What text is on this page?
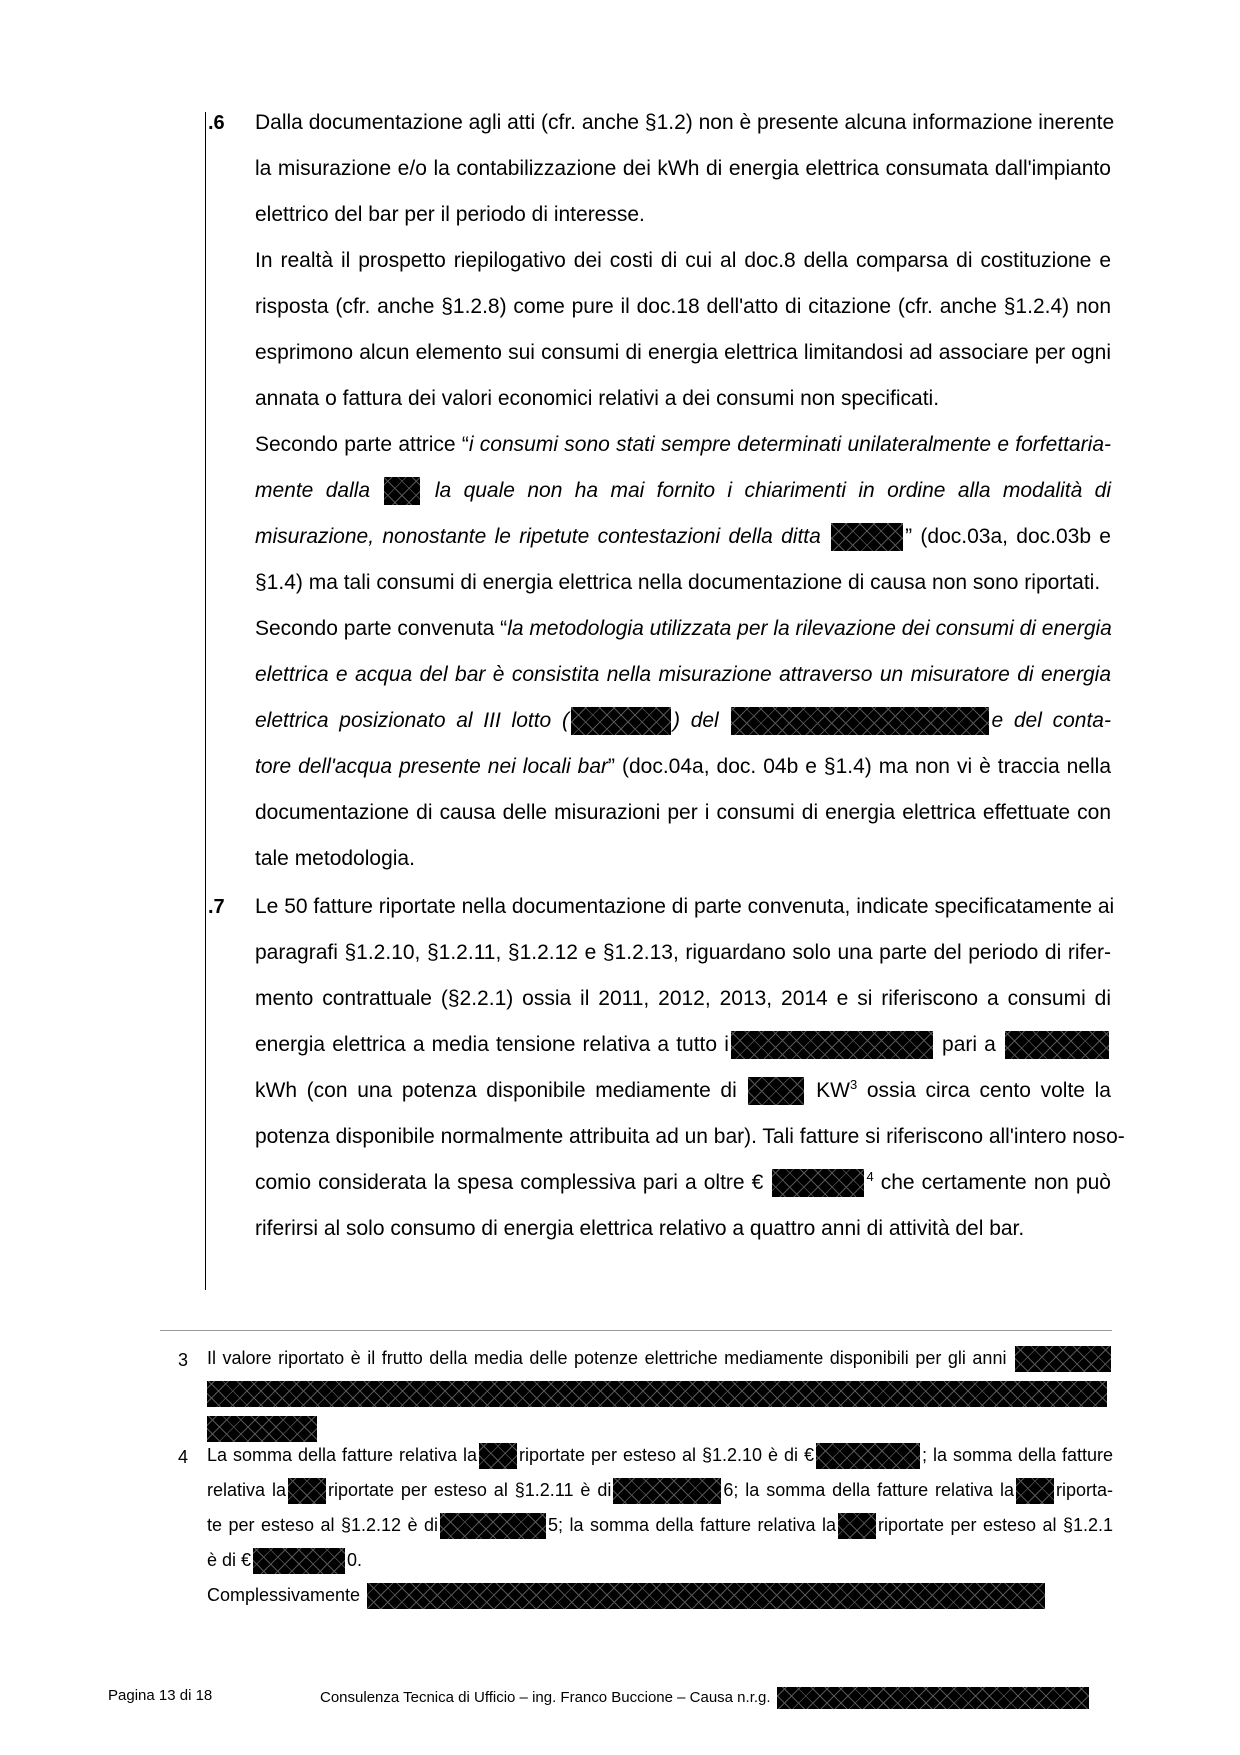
.6 Dalla documentazione agli atti (cfr. anche §1.2) non è presente alcuna informazione inerente
la misurazione e/o la contabilizzazione dei kWh di energia elettrica consumata dall'impianto
elettrico del bar per il periodo di interesse.
In realtà il prospetto riepilogativo dei costi di cui al doc.8 della comparsa di costituzione e
risposta (cfr. anche §1.2.8) come pure il doc.18 dell'atto di citazione (cfr. anche §1.2.4) non
esprimono alcun elemento sui consumi di energia elettrica limitandosi ad associare per ogni
annata o fattura dei valori economici relativi a dei consumi non specificati.
Secondo parte attrice “i consumi sono stati sempre determinati unilateralmente e forfettaria-
mente dalla	la quale non ha mai fornito i chiarimenti in ordine alla modalità di
misurazione, nonostante le ripetute contestazioni della ditta	” (doc.03a, doc.03b e
§1.4) ma tali consumi di energia elettrica nella documentazione di causa non sono riportati.
Secondo parte convenuta “la metodologia utilizzata per la rilevazione dei consumi di energia
elettrica e acqua del bar è consistita nella misurazione attraverso un misuratore di energia
elettrica posizionato al III lotto (	) del	e del conta-
tore dell'acqua presente nei locali bar” (doc.04a, doc. 04b e §1.4) ma non vi è traccia nella
documentazione di causa delle misurazioni per i consumi di energia elettrica effettuate con
tale metodologia.
.7 Le 50 fatture riportate nella documentazione di parte convenuta, indicate specificatamente ai
paragrafi §1.2.10, §1.2.11, §1.2.12 e §1.2.13, riguardano solo una parte del periodo di rifer-
mento contrattuale (§2.2.1) ossia il 2011, 2012, 2013, 2014 e si riferiscono a consumi di
energia elettrica a media tensione relativa a tutto i	pari a
kWh (con una potenza disponibile mediamente di	$KW^3$ ossia circa cento volte la
potenza disponibile normalmente attribuita ad un bar). Tali fatture si riferiscono all'intero noso-
comio considerata la spesa complessiva pari a oltre €	$^4$ che certamente non può
riferirsi al solo consumo di energia elettrica relativo a quattro anni di attività del bar.
3 Il valore riportato è il frutto della media delle potenze elettriche mediamente disponibili per gli anni
4 La somma della fatture relativa la riportate per esteso al §1.2.10 è di €	; la somma della fatture
relativa la riportate per esteso al §1.2.11 è di	6; la somma della fatture relativa la riporta-
te per esteso al §1.2.12 è di	5; la somma della fatture relativa la riportate per esteso al §1.2.1
è di €	0.
Complessivamente
Pagina 13 di 18	Consulenza Tecnica di Ufficio – ing. Franco Buccione – Causa n.r.g.
